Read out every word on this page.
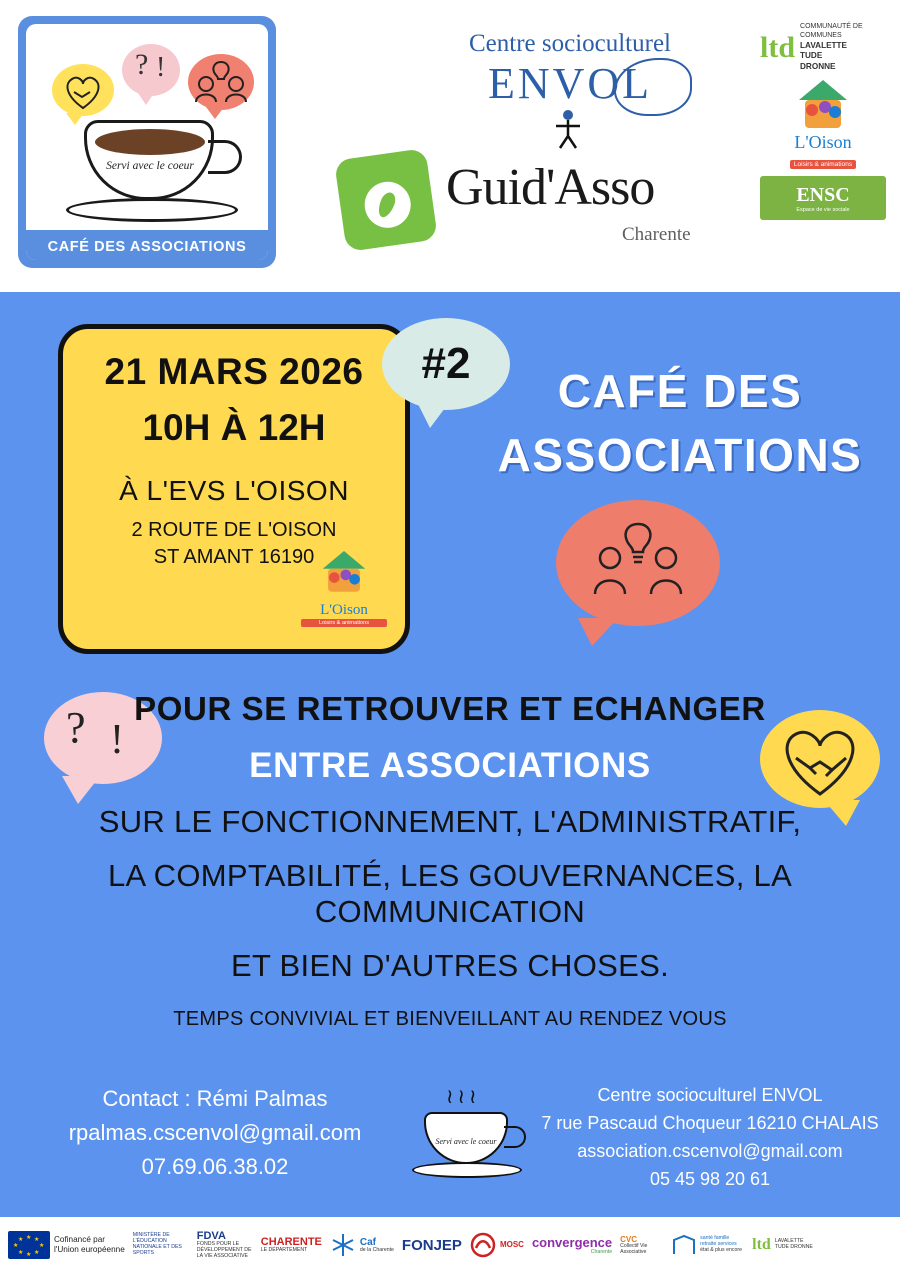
? !
Servi avec le coeur
CAFÉ DES ASSOCIATIONS
Centre socioculturel
ENVOL
Guid'Asso
Charente
ltd
COMMUNAUTÉ DE COMMUNES
LAVALETTE
TUDE
DRONNE
L'Oison
Loisirs & animations
ENSC
Espace de vie sociale
21 MARS 2026
10H À 12H
À L'EVS L'OISON
2 ROUTE DE L'OISON
ST AMANT 16190
L'Oison
Loisirs & animations
#2
CAFÉ DES
ASSOCIATIONS
? !
POUR SE RETROUVER ET ECHANGER
ENTRE ASSOCIATIONS
SUR LE FONCTIONNEMENT, L'ADMINISTRATIF,
LA COMPTABILITÉ, LES GOUVERNANCES, LA COMMUNICATION
ET BIEN D'AUTRES CHOSES.
TEMPS CONVIVIAL ET BIENVEILLANT AU RENDEZ VOUS
Contact : Rémi Palmas
rpalmas.cscenvol@gmail.com
07.69.06.38.02
≀≀≀
Servi avec le coeur
Centre socioculturel ENVOL
7 rue Pascaud Choqueur 16210 CHALAIS
association.cscenvol@gmail.com
05 45 98 20 61
★ ★
★
★
★
★
★
★	Cofinancé par
l'Union européenne
MINISTÈRE DE L'ÉDUCATION NATIONALE ET DES SPORTS
FDVA
FONDS POUR LE DÉVELOPPEMENT DE LA VIE ASSOCIATIVE
CHARENTE
LE DÉPARTEMENT
Caf
de la Charente FONJEP	MOSC convergence
Charente
CVC
Collectif Vie Associative
santé famille retraite services
état & plus encore ltd LAVALETTE TUDE DRONNE
